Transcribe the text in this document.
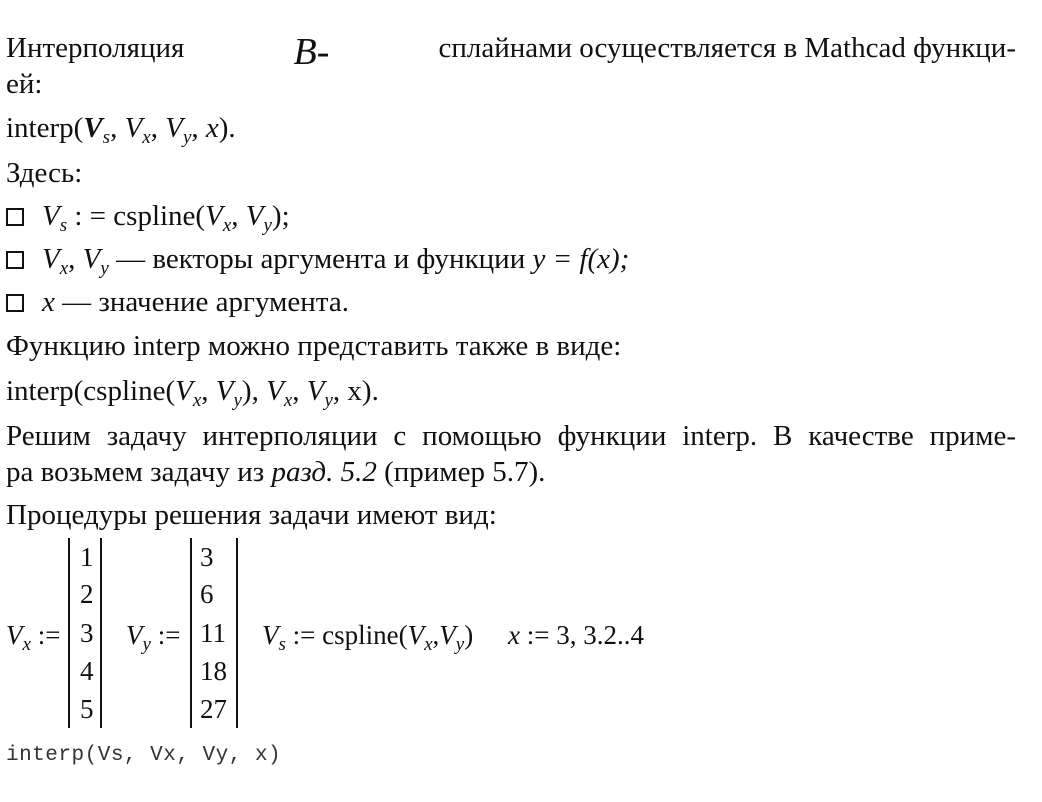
Интерполяция	B-	сплайнами осуществляется в Mathcad функци-
ей:
$interp(V_s$, $V_x$, $V_y$, x).
Здесь:
$V_s$ : = $cspline(V_x$, $V_y$);
$V_x$, $V_y$ — векторы аргумента и функции y = f(x);
x — значение аргумента.
Функцию interp можно представить также в виде:
$interp(cspline(V_x$, $V_y$), $V_x$, $V_y$, x).
Решим задачу интерполяции с помощью функции interp. В качестве приме-
ра возьмем задачу из разд. 5.2 (пример 5.7).
Процедуры решения задачи имеют вид:
$V_x$ :=
1
2
3
4
5
$V_y$ :=
3
6
11
18
27
$V_s$ := $cspline(V_x,V_y)$ x := 3, 3.2..4
interp(Vs, Vx, Vy, x)
